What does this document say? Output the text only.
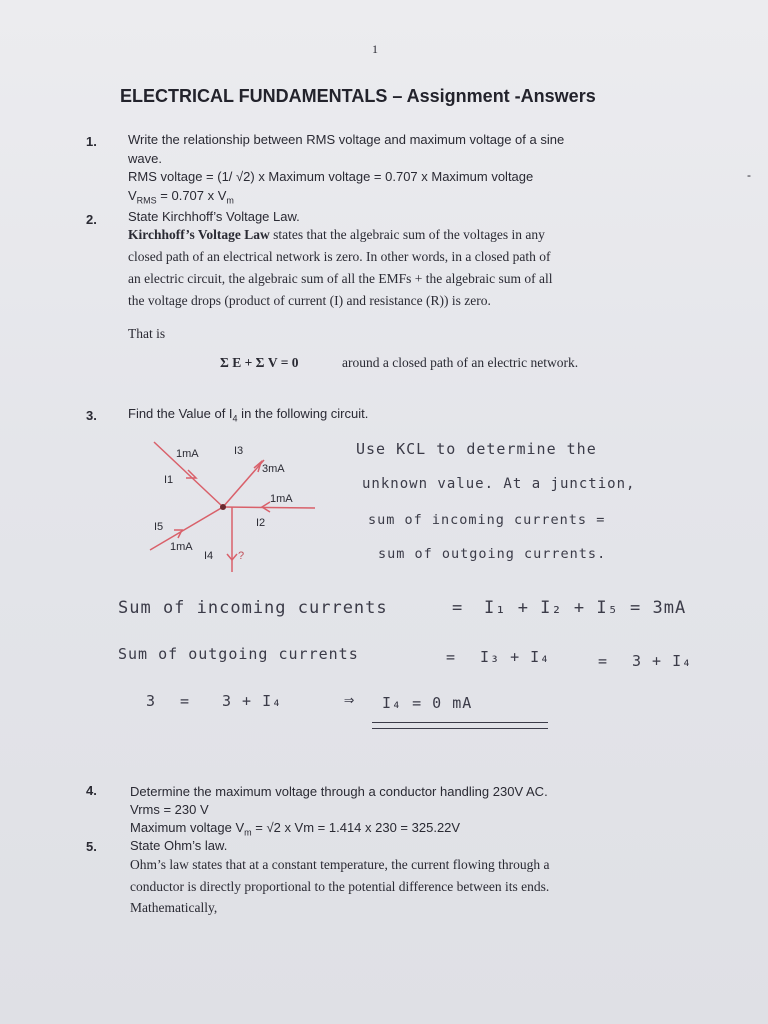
1
ELECTRICAL FUNDAMENTALS – Assignment -Answers
-
1. Write the relationship between RMS voltage and maximum voltage of a sine
wave.
RMS voltage = (1/ √2) x Maximum voltage = 0.707 x Maximum voltage
$V_{RMS} = 0.707$ x $V_m$
2. State Kirchhoff’s Voltage Law.
Kirchhoff’s Voltage Law states that the algebraic sum of the voltages in any
closed path of an electrical network is zero. In other words, in a closed path of
an electric circuit, the algebraic sum of all the EMFs + the algebraic sum of all
the voltage drops (product of current (I) and resistance (R)) is zero.
That is
Σ E + Σ V = 0	around a closed path of an electric network.
3. Find the Value of $I_4$ in the following circuit.
1mA	I3
I1
3mA
1mA
I2
I5
1mA
I4 ?
Use KCL to determine the
unknown value. At a junction,
sum of incoming currents =
sum of outgoing currents.
Sum of incoming currents	= I₁ + I₂ + I₅ = 3mA
Sum of outgoing currents	= I₃ + I₄	= 3 + I₄
3 = 3 + I₄	⇒ I₄ = 0 mA
4.	Determine the maximum voltage through a conductor handling 230V AC.
Vrms = 230 V
Maximum voltage $V_m = √2$ x Vm = 1.414 x 230 = 325.22V
5.	State Ohm’s law.
Ohm’s law states that at a constant temperature, the current flowing through a
conductor is directly proportional to the potential difference between its ends.
Mathematically,
